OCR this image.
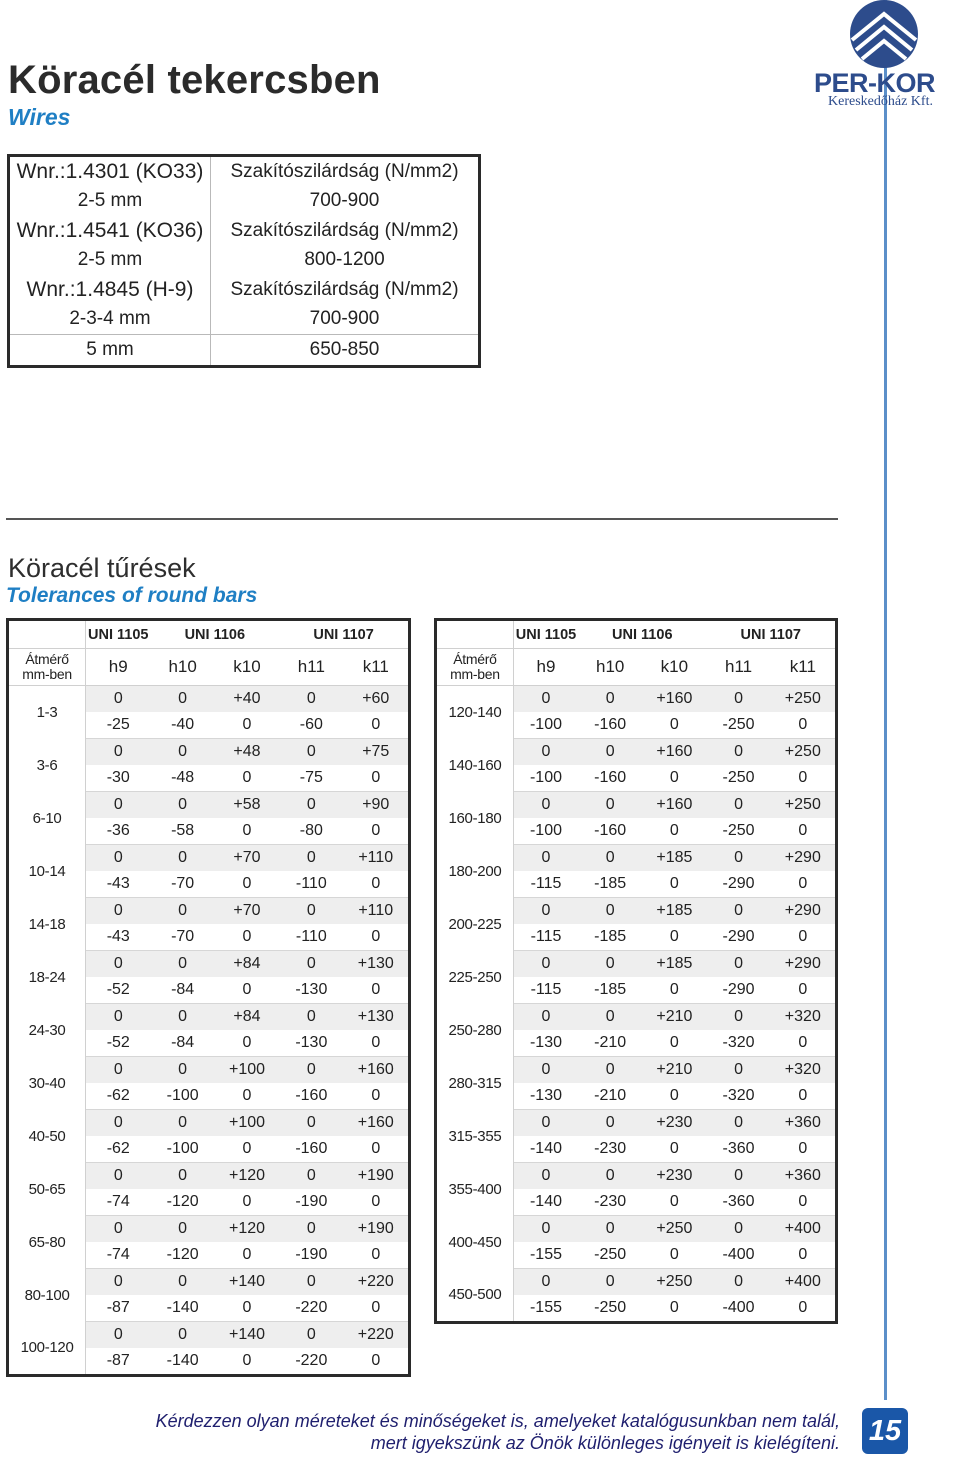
Köracél tekercsben
Wires
PER-KOR
Kereskedőház Kft.
Wnr.:1.4301 (KO33)	Szakítószilárdság (N/mm2)
2-5 mm	700-900
Wnr.:1.4541 (KO36)	Szakítószilárdság (N/mm2)
2-5 mm	800-1200
Wnr.:1.4845 (H-9)	Szakítószilárdság (N/mm2)
2-3-4 mm	700-900
5 mm	650-850
Köracél tűrések
Tolerances of round bars
	UNI 1105	UNI 1106		UNI 1107	

Átmérő
mm-ben	h9	h10	k10	h11	k11
1-3	0	0	+40	0	+60
	-25	-40	0	-60	0
3-6	0	0	+48	0	+75
	-30	-48	0	-75	0
6-10	0	0	+58	0	+90
	-36	-58	0	-80	0
10-14	0	0	+70	0	+110
	-43	-70	0	-110	0
14-18	0	0	+70	0	+110
	-43	-70	0	-110	0
18-24	0	0	+84	0	+130
	-52	-84	0	-130	0
24-30	0	0	+84	0	+130
	-52	-84	0	-130	0
30-40	0	0	+100	0	+160
	-62	-100	0	-160	0
40-50	0	0	+100	0	+160
	-62	-100	0	-160	0
50-65	0	0	+120	0	+190
	-74	-120	0	-190	0
65-80	0	0	+120	0	+190
	-74	-120	0	-190	0
80-100	0	0	+140	0	+220
	-87	-140	0	-220	0
100-120	0	0	+140	0	+220
	-87	-140	0	-220	0
	UNI 1105	UNI 1106		UNI 1107	

Átmérő
mm-ben	h9	h10	k10	h11	k11
120-140	0	0	+160	0	+250
	-100	-160	0	-250	0
140-160	0	0	+160	0	+250
	-100	-160	0	-250	0
160-180	0	0	+160	0	+250
	-100	-160	0	-250	0
180-200	0	0	+185	0	+290
	-115	-185	0	-290	0
200-225	0	0	+185	0	+290
	-115	-185	0	-290	0
225-250	0	0	+185	0	+290
	-115	-185	0	-290	0
250-280	0	0	+210	0	+320
	-130	-210	0	-320	0
280-315	0	0	+210	0	+320
	-130	-210	0	-320	0
315-355	0	0	+230	0	+360
	-140	-230	0	-360	0
355-400	0	0	+230	0	+360
	-140	-230	0	-360	0
400-450	0	0	+250	0	+400
	-155	-250	0	-400	0
450-500	0	0	+250	0	+400
	-155	-250	0	-400	0
Kérdezzen olyan méreteket és minőségeket is, amelyeket katalógusunkban nem talál,
mert igyekszünk az Önök különleges igényeit is kielégíteni. 15
